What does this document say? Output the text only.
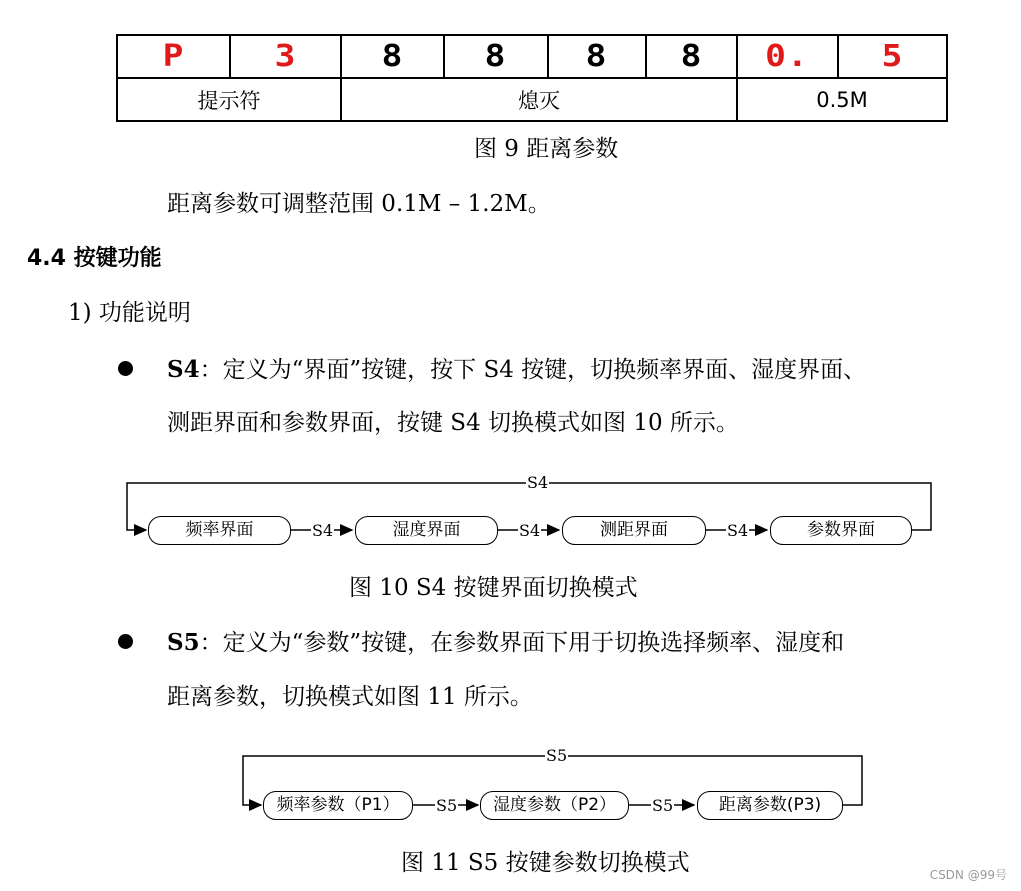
P	3	8	8	8	8	0.	5
提示符		熄灭				0.5M	
图 9 距离参数
距离参数可调整范围 0.1M – 1.2M。
4.4 按键功能
1) 功能说明
S4：定义为“界面”按键，按下 S4 按键，切换频率界面、湿度界面、
测距界面和参数界面，按键 S4 切换模式如图 10 所示。
频率界面	湿度界面	测距界面	参数界面
S4	S4	S4
S4
图 10 S4 按键界面切换模式
S5：定义为“参数”按键，在参数界面下用于切换选择频率、湿度和
距离参数，切换模式如图 11 所示。
频率参数（P1）	湿度参数（P2）	距离参数(P3)
S5	S5
S5
图 11 S5 按键参数切换模式	CSDN @99号
